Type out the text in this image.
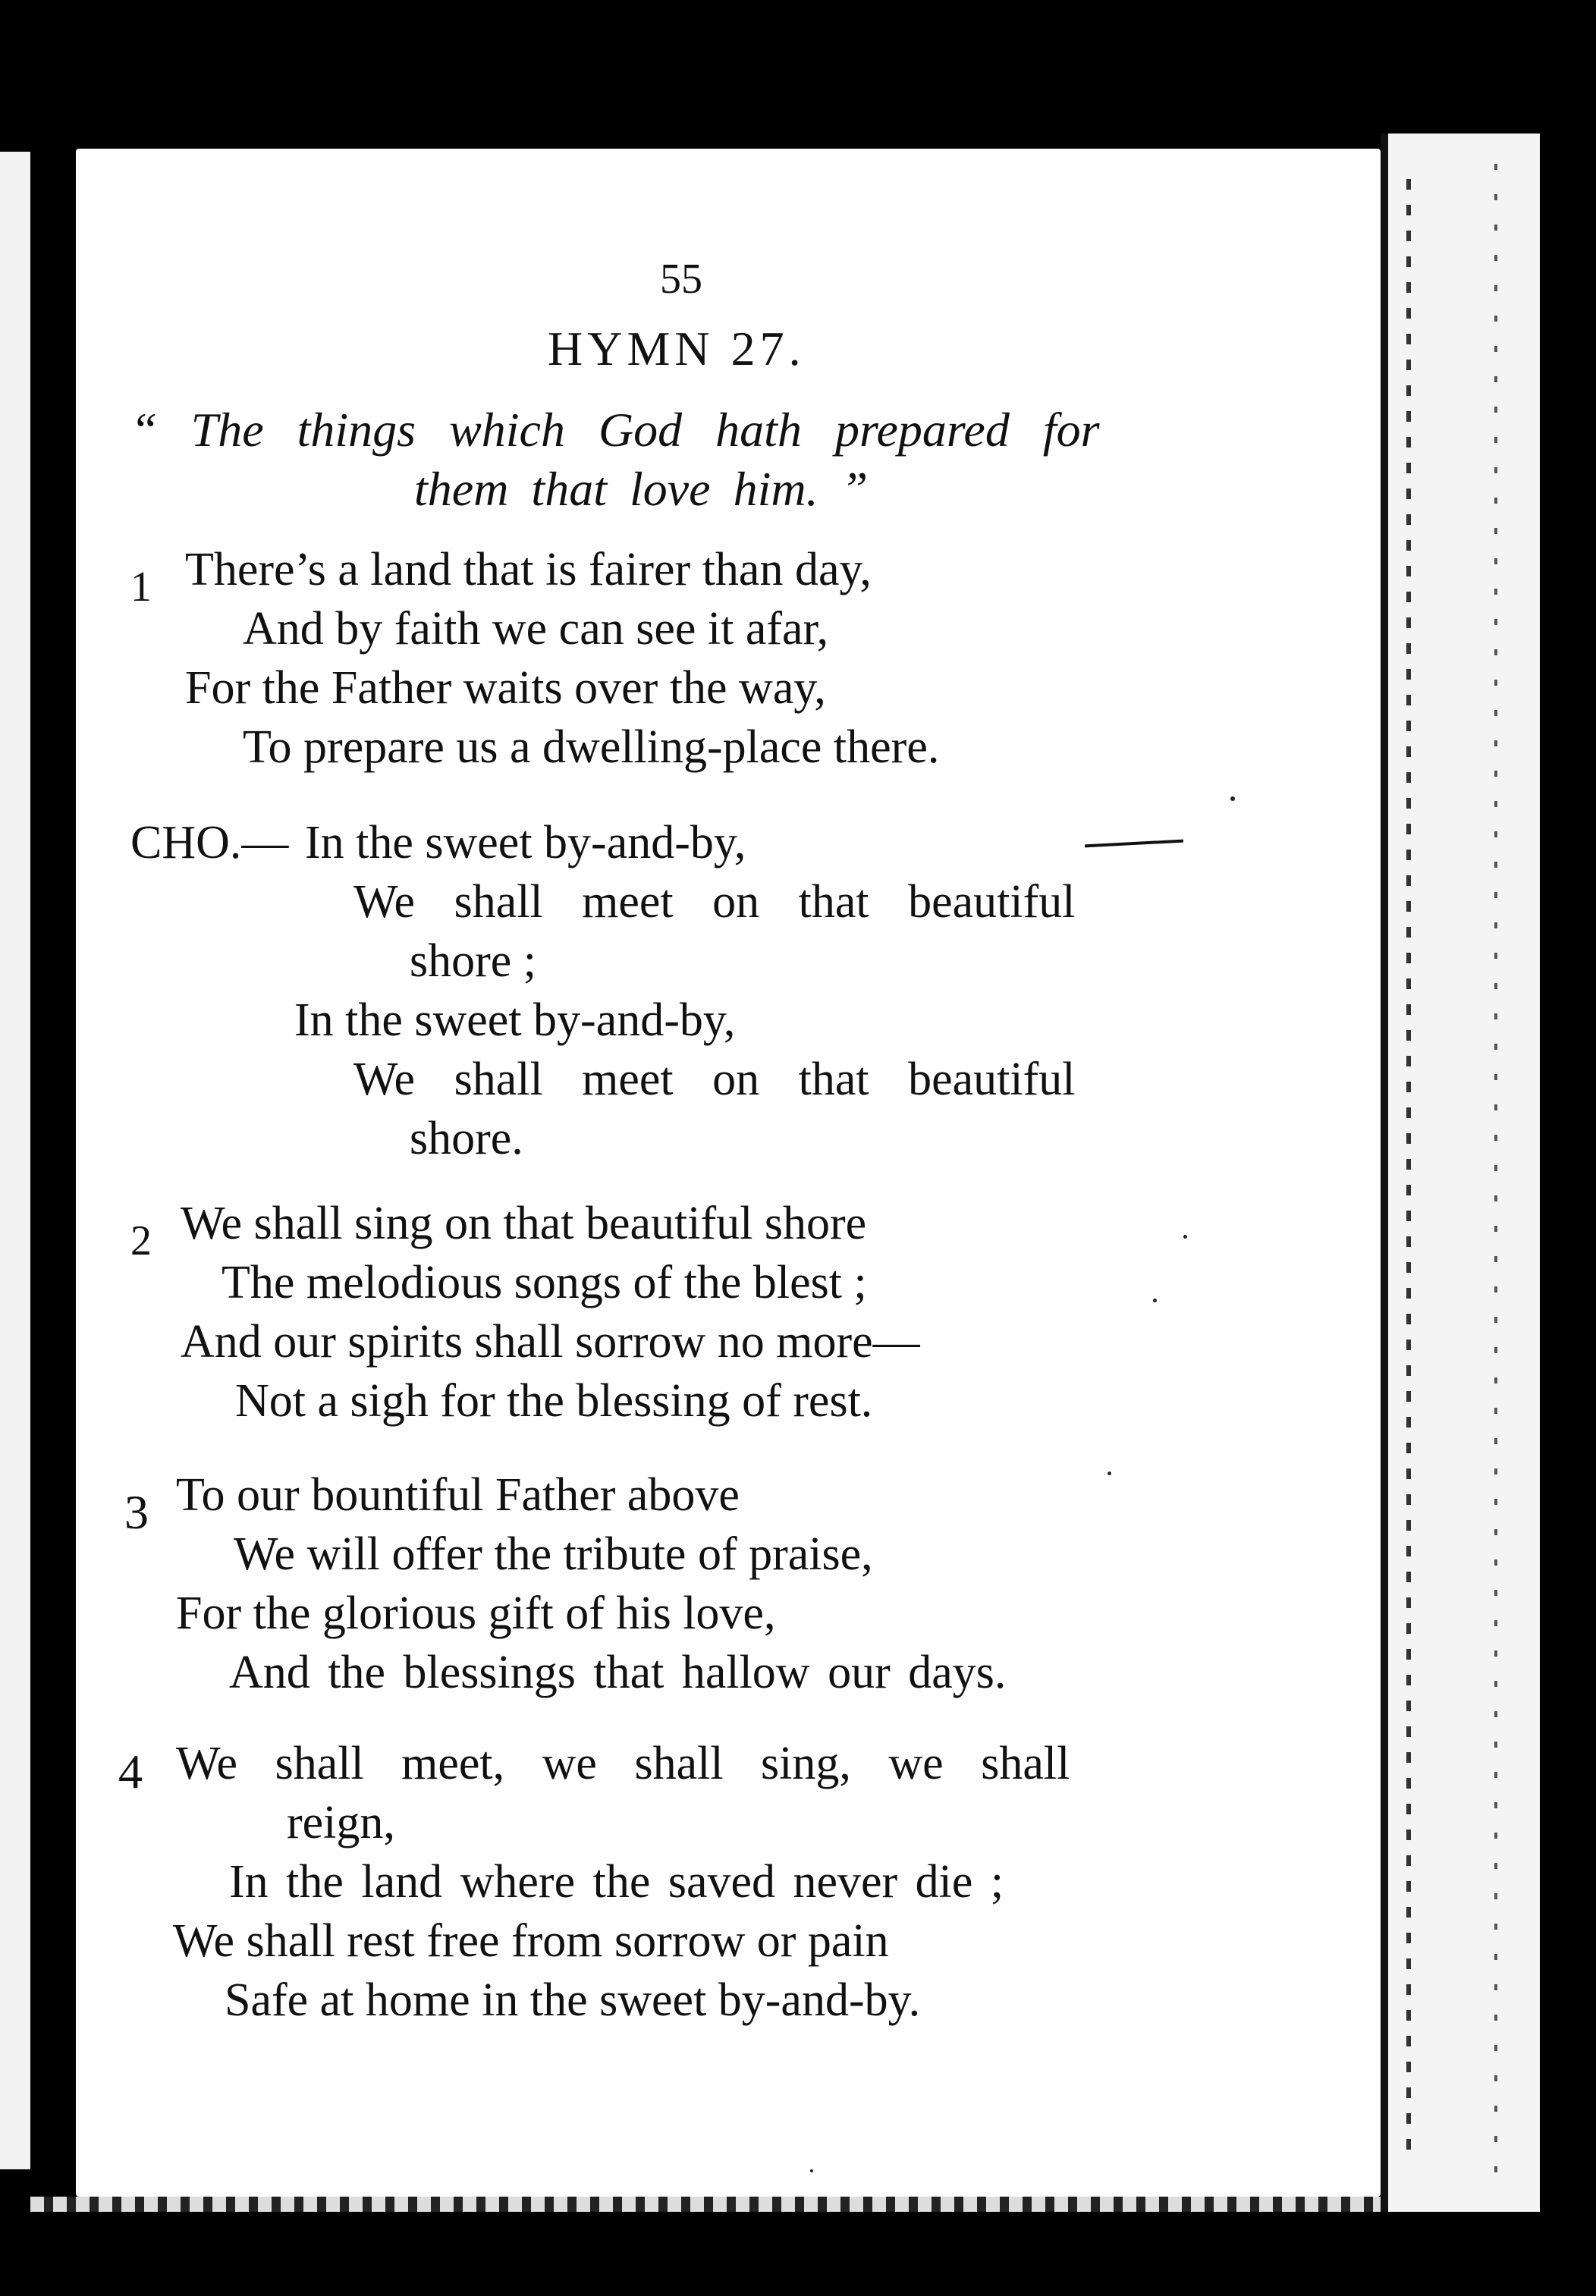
55
HYMN 27.
“ The things which God hath prepared for
them that love him. ”
1 There’s a land that is fairer than day,
And by faith we can see it afar,
For the Father waits over the way,
To prepare us a dwelling-place there.
CHO.— In the sweet by-and-by,
We shall meet on that beautiful
shore ;
In the sweet by-and-by,
We shall meet on that beautiful
shore.
2 We shall sing on that beautiful shore
The melodious songs of the blest ;
And our spirits shall sorrow no more—
Not a sigh for the blessing of rest.
3 To our bountiful Father above
We will offer the tribute of praise,
For the glorious gift of his love,
And the blessings that hallow our days.
4 We shall meet, we shall sing, we shall
reign,
In the land where the saved never die ;
We shall rest free from sorrow or pain
Safe at home in the sweet by-and-by.
